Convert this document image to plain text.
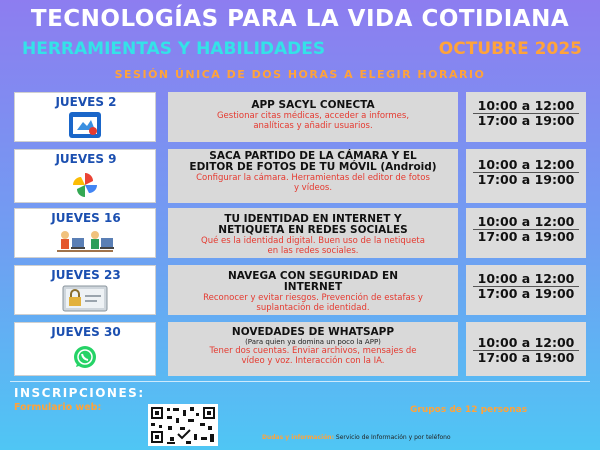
TECNOLOGÍAS PARA LA VIDA COTIDIANA
HERRAMIENTAS Y HABILIDADES	OCTUBRE 2025
SESIÓN ÚNICA DE DOS HORAS A ELEGIR HORARIO
JUEVES 2	APP SACYL CONECTA
Gestionar citas médicas, acceder a informes, analíticas y añadir usuarios.
10:00 a 12:00
17:00 a 19:00
JUEVES 9	SACA PARTIDO DE LA CÁMARA Y EL EDITOR DE FOTOS DE TU MÓVIL (Android)
Configurar la cámara. Herramientas del editor de fotos y vídeos.
10:00 a 12:00
17:00 a 19:00
JUEVES 16	TU IDENTIDAD EN INTERNET Y NETIQUETA EN REDES SOCIALES
Qué es la identidad digital. Buen uso de la netiqueta en las redes sociales.
10:00 a 12:00
17:00 a 19:00
JUEVES 23	NAVEGA CON SEGURIDAD EN INTERNET
Reconocer y evitar riesgos. Prevención de estafas y suplantación de identidad.
10:00 a 12:00
17:00 a 19:00
JUEVES 30	NOVEDADES DE WHATSAPP
(Para quien ya domina un poco la APP)
Tener dos cuentas. Enviar archivos, mensajes de vídeo y voz. Interacción con la IA.
10:00 a 12:00
17:00 a 19:00
INSCRIPCIONES:
Formulario web:	Grupos de 12 personas
Dudas y información: Servicio de Información y por teléfono
